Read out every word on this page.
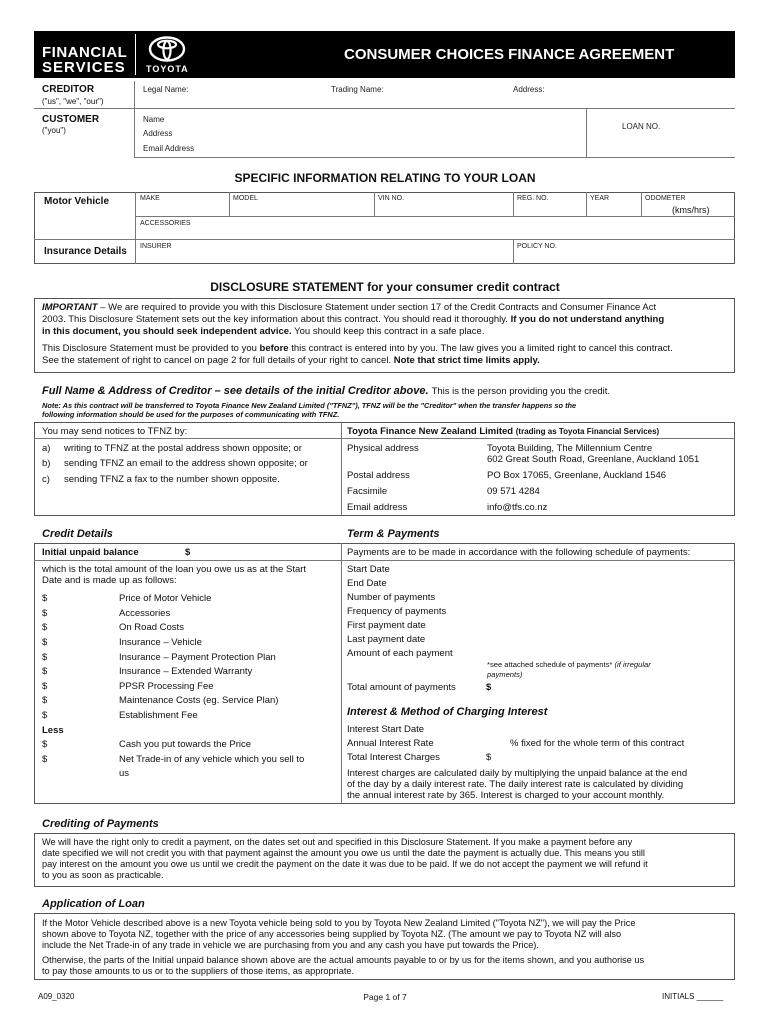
FINANCIAL
SERVICES TOYOTA
CONSUMER CHOICES FINANCE AGREEMENT
CREDITOR
("us", "we", "our")
Legal Name:	Trading Name:	Address:
CUSTOMER
("you")
Name
Address
Email Address
LOAN NO.
SPECIFIC INFORMATION RELATING TO YOUR LOAN
Motor Vehicle	MAKE	MODEL	VIN NO.	REG. NO.	YEAR	ODOMETER
(kms/hrs)
ACCESSORIES
Insurance Details INSURER	POLICY NO.
DISCLOSURE STATEMENT for your consumer credit contract
IMPORTANT – We are required to provide you with this Disclosure Statement under section 17 of the Credit Contracts and Consumer Finance Act
2003. This Disclosure Statement sets out the key information about this contract. You should read it thoroughly. If you do not understand anything
in this document, you should seek independent advice. You should keep this contract in a safe place.
This Disclosure Statement must be provided to you before this contract is entered into by you. The law gives you a limited right to cancel this contract.
See the statement of right to cancel on page 2 for full details of your right to cancel. Note that strict time limits apply.
Full Name & Address of Creditor – see details of the initial Creditor above. This is the person providing you the credit.
Note: As this contract will be transferred to Toyota Finance New Zealand Limited ("TFNZ"), TFNZ will be the "Creditor" when the transfer happens so the
following information should be used for the purposes of communicating with TFNZ.
You may send notices to TFNZ by:
a) writing to TFNZ at the postal address shown opposite; or
b) sending TFNZ an email to the address shown opposite; or
c) sending TFNZ a fax to the number shown opposite.
Toyota Finance New Zealand Limited (trading as Toyota Financial Services)
Physical address	Toyota Building, The Millennium Centre
602 Great South Road, Greenlane, Auckland 1051
Postal address	PO Box 17065, Greenlane, Auckland 1546
Facsimile	09 571 4284
Email address	info@tfs.co.nz
Credit Details	Term & Payments
Initial unpaid balance	$
which is the total amount of the loan you owe us as at the Start
Date and is made up as follows:
$	Price of Motor Vehicle
$	Accessories
$	On Road Costs
$	Insurance – Vehicle
$	Insurance – Payment Protection Plan
$	Insurance – Extended Warranty
$	PPSR Processing Fee
$	Maintenance Costs (eg. Service Plan)
$	Establishment Fee
Less
$	Cash you put towards the Price
$	Net Trade-in of any vehicle which you sell to
us
Payments are to be made in accordance with the following schedule of payments:
Start Date
End Date
Number of payments
Frequency of payments
First payment date
Last payment date
Amount of each payment
*see attached schedule of payments* (if irregular
payments)
Total amount of payments	$
Interest & Method of Charging Interest
Interest Start Date
Annual Interest Rate	% fixed for the whole term of this contract
Total Interest Charges	$
Interest charges are calculated daily by multiplying the unpaid balance at the end
of the day by a daily interest rate. The daily interest rate is calculated by dividing
the annual interest rate by 365. Interest is charged to your account monthly.
Crediting of Payments
We will have the right only to credit a payment, on the dates set out and specified in this Disclosure Statement. If you make a payment before any
date specified we will not credit you with that payment against the amount you owe us until the date the payment is actually due. This means you still
pay interest on the amount you owe us until we credit the payment on the date it was due to be paid. If we do not accept the payment we will refund it
to you as soon as practicable.
Application of Loan
If the Motor Vehicle described above is a new Toyota vehicle being sold to you by Toyota New Zealand Limited ("Toyota NZ"), we will pay the Price
shown above to Toyota NZ, together with the price of any accessories being supplied by Toyota NZ. (The amount we pay to Toyota NZ will also
include the Net Trade-in of any trade in vehicle we are purchasing from you and any cash you have put towards the Price).
Otherwise, the parts of the Initial unpaid balance shown above are the actual amounts payable to or by us for the items shown, and you authorise us
to pay those amounts to us or to the suppliers of those items, as appropriate.
A09_0320	Page 1 of 7	INITIALS ______
